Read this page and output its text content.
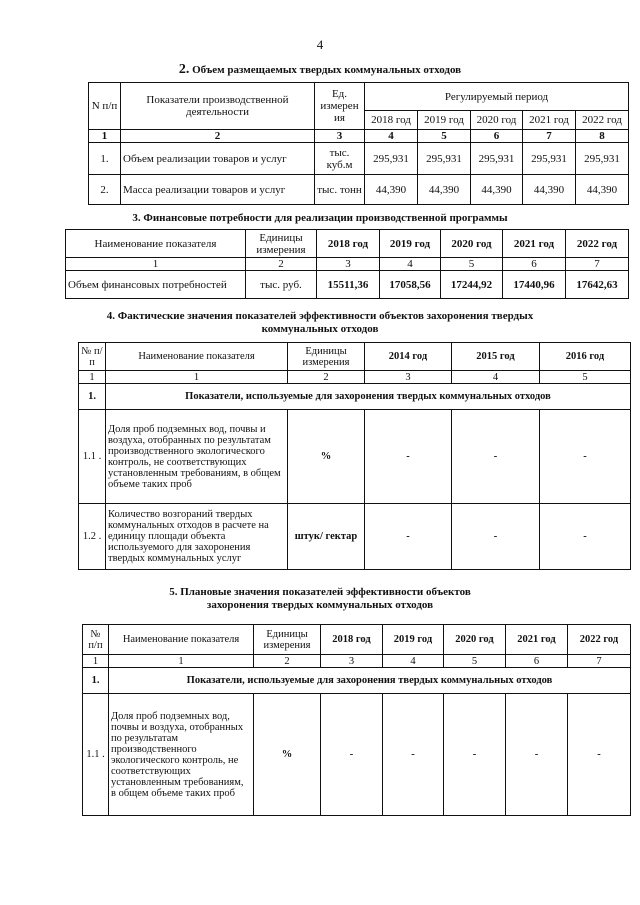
4
2. Объем размещаемых твердых коммунальных отходов
N п/п	Показатели производственной деятельности	Ед. измерен ия	Регулируемый период				
			2018 год	2019 год	2020 год	2021 год	2022 год
1	2	3	4	5	6	7	8
1.	Объем реализации товаров и услуг	тыс. куб.м	295,931	295,931	295,931	295,931	295,931
2.	Масса реализации товаров и услуг	тыс. тонн	44,390	44,390	44,390	44,390	44,390
3. Финансовые потребности для реализации производственной программы
Наименование показателя	Единицы измерения	2018 год	2019 год	2020 год	2021 год	2022 год
1	2	3	4	5	6	7
Объем финансовых потребностей	тыс. руб.	15511,36	17058,56	17244,92	17440,96	17642,63
4. Фактические значения показателей эффективности объектов захоронения твердых
коммунальных отходов
№ п/п	Наименование показателя	Единицы измерения	2014 год	2015 год	2016 год
1	1	2	3	4	5
1.	Показатели, используемые для захоронения твердых коммунальных отходов				
1.1 .	Доля проб подземных вод, почвы и воздуха, отобранных по результатам производственного экологического контроль, не соответствующих установленным требованиям, в общем объеме таких проб	%	-	-	-
1.2 .	Количество возгораний твердых коммунальных отходов в расчете на единицу площади объекта используемого для захоронения твердых коммунальных услуг	штук/ гектар	-	-	-
5. Плановые значения показателей эффективности объектов
захоронения твердых коммунальных отходов
№ п/п	Наименование показателя	Единицы измерения	2018 год	2019 год	2020 год	2021 год	2022 год
1	1	2	3	4	5	6	7
1.	Показатели, используемые для захоронения твердых коммунальных отходов						
1.1 .	Доля проб подземных вод, почвы и воздуха, отобранных по результатам производственного экологического контроль, не соответствующих установленным требованиям, в общем объеме таких проб	%	-	-	-	-	-
